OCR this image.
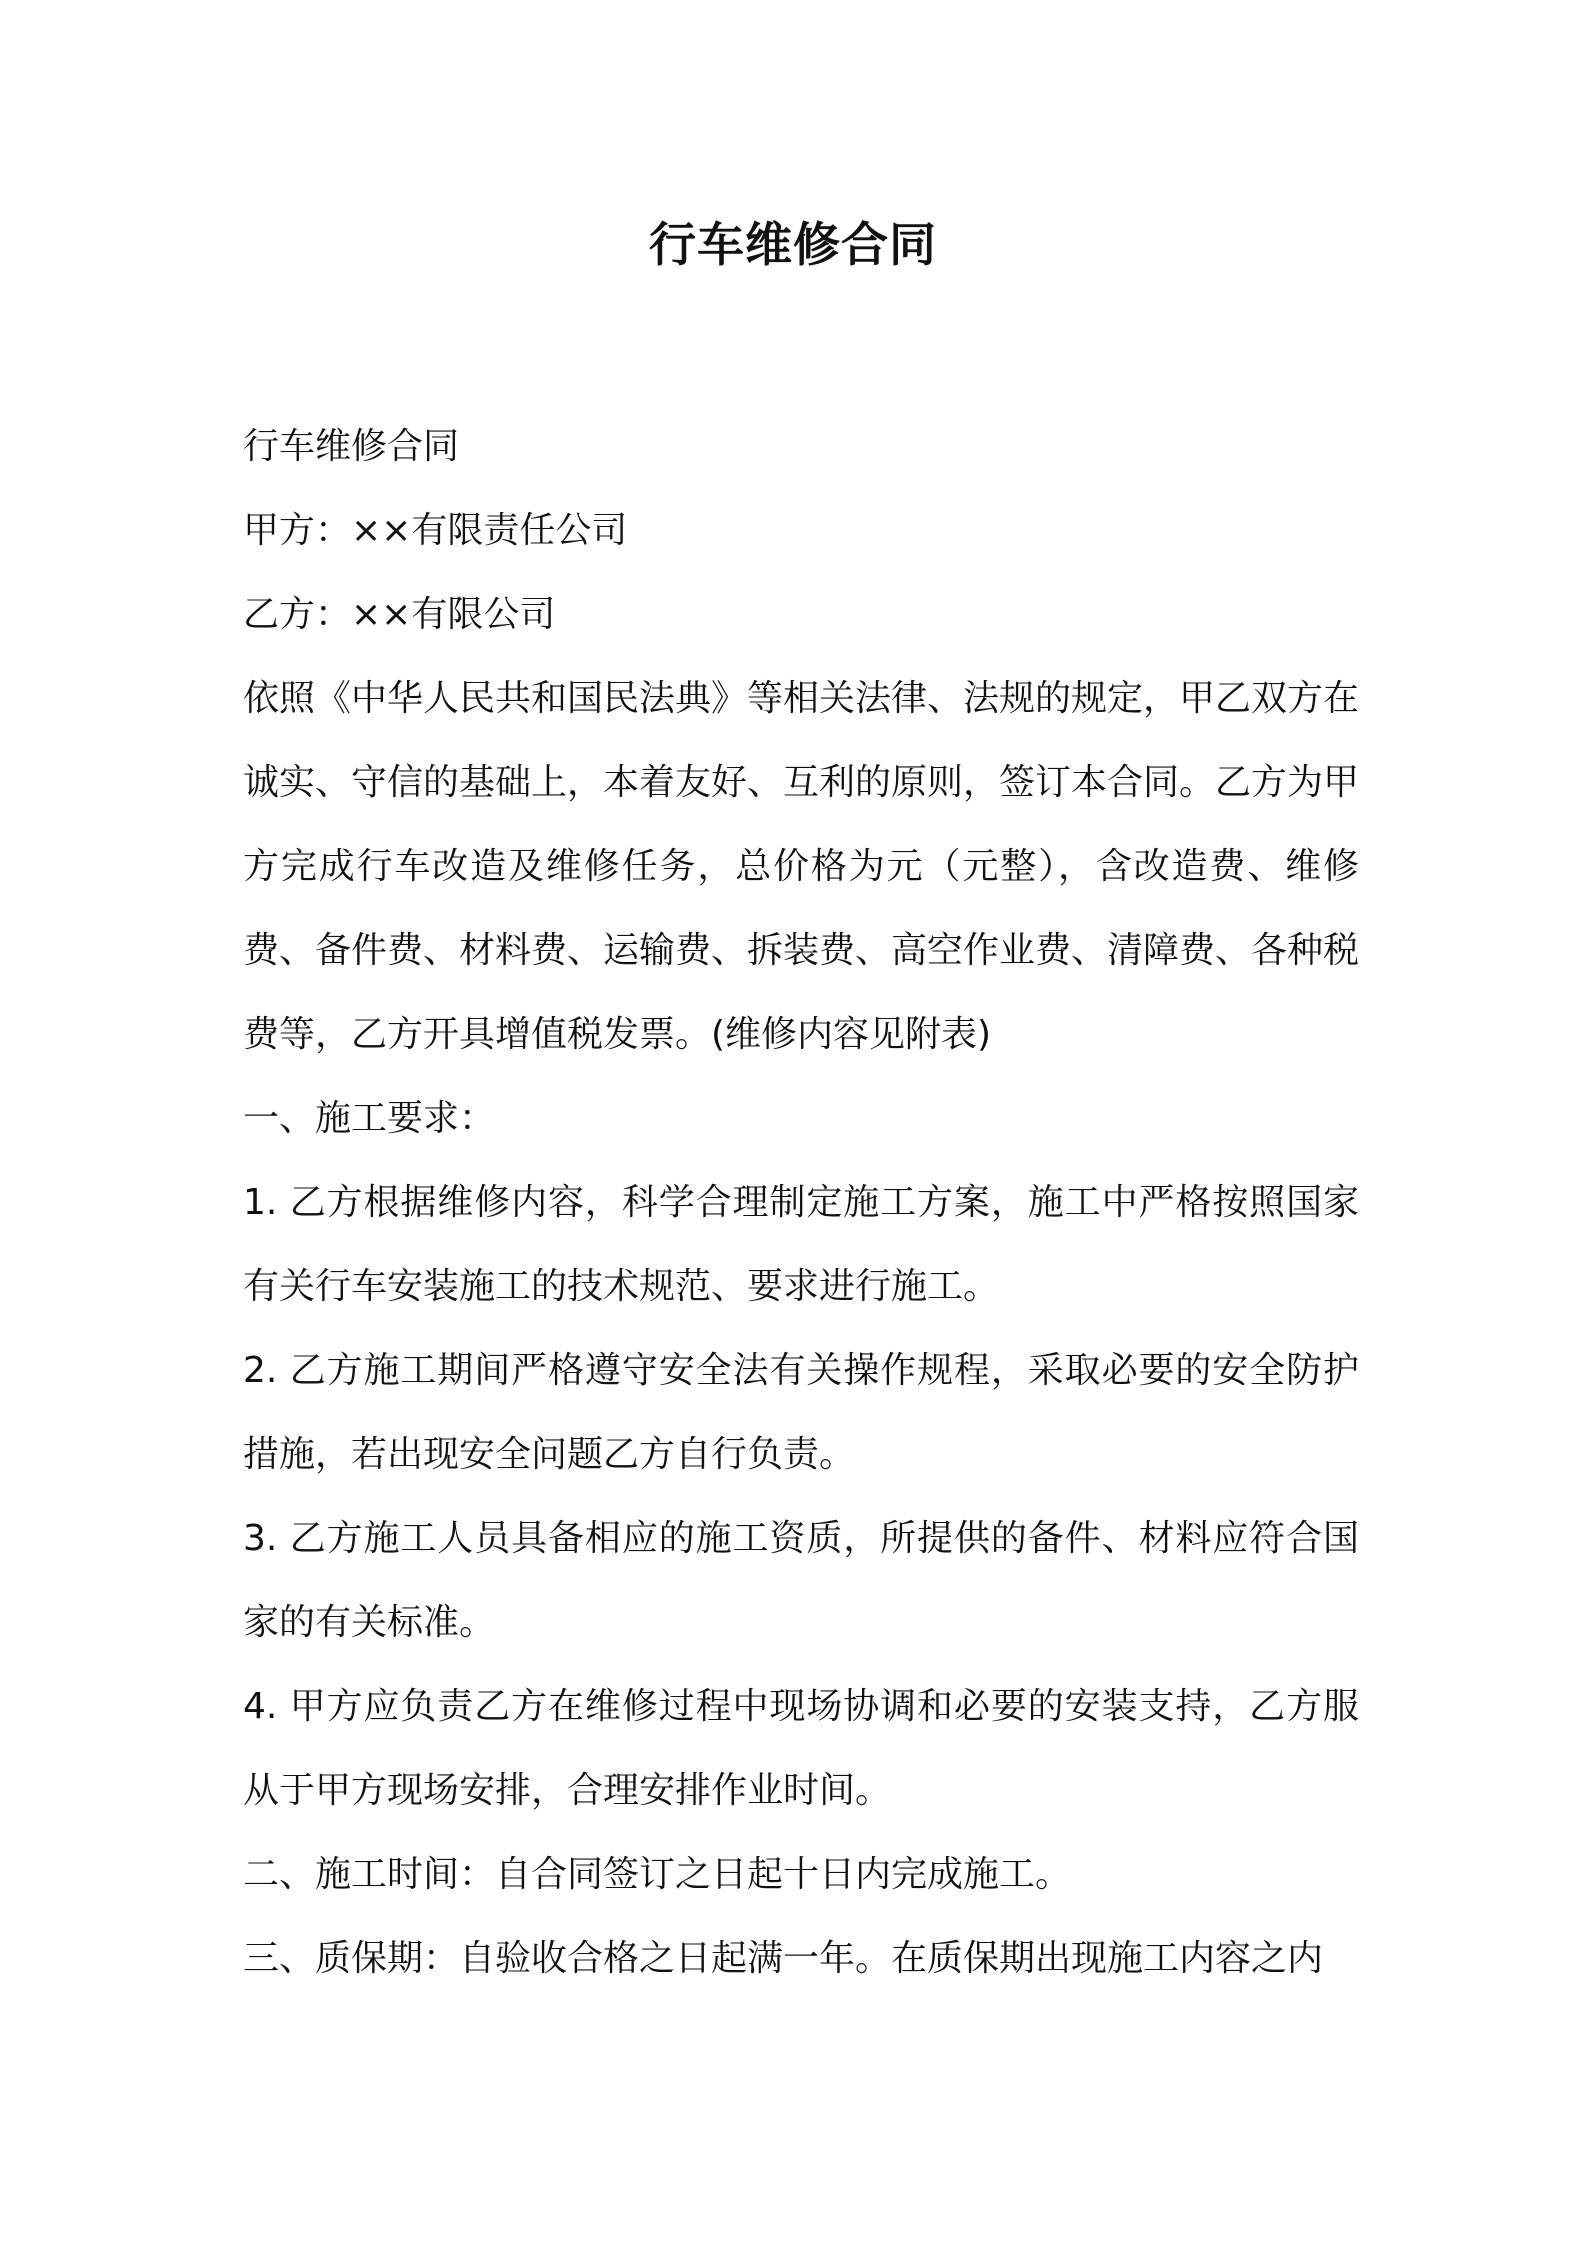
行车维修合同

行车维修合同

甲方：××有限责任公司

乙方：××有限公司

依照《中华人民共和国民法典》等相关法律、法规的规定，甲乙双方在诚实、守信的基础上，本着友好、互利的原则，签订本合同。乙方为甲方完成行车改造及维修任务，总价格为元（元整），含改造费、维修费、备件费、材料费、运输费、拆装费、高空作业费、清障费、各种税费等，乙方开具增值税发票。(维修内容见附表)

一、施工要求：

1. 乙方根据维修内容，科学合理制定施工方案，施工中严格按照国家有关行车安装施工的技术规范、要求进行施工。

2. 乙方施工期间严格遵守安全法有关操作规程，采取必要的安全防护措施，若出现安全问题乙方自行负责。

3. 乙方施工人员具备相应的施工资质，所提供的备件、材料应符合国家的有关标准。

4. 甲方应负责乙方在维修过程中现场协调和必要的安装支持，乙方服从于甲方现场安排，合理安排作业时间。

二、施工时间：自合同签订之日起十日内完成施工。

三、质保期：自验收合格之日起满一年。在质保期出现施工内容之内
